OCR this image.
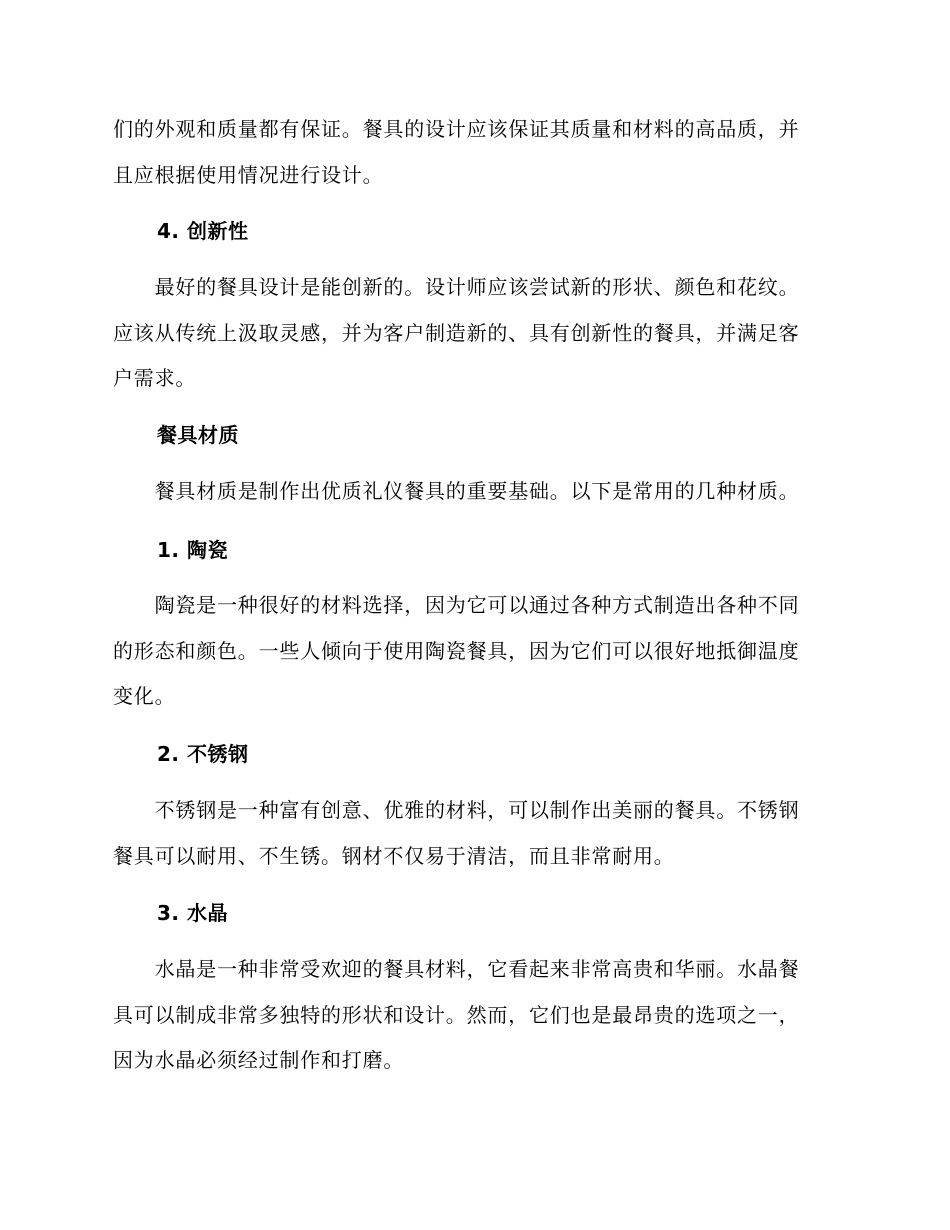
们的外观和质量都有保证。餐具的设计应该保证其质量和材料的高品质，并
且应根据使用情况进行设计。

4. 创新性

　　最好的餐具设计是能创新的。设计师应该尝试新的形状、颜色和花纹。
应该从传统上汲取灵感，并为客户制造新的、具有创新性的餐具，并满足客
户需求。

餐具材质

　　餐具材质是制作出优质礼仪餐具的重要基础。以下是常用的几种材质。

1. 陶瓷

　　陶瓷是一种很好的材料选择，因为它可以通过各种方式制造出各种不同
的形态和颜色。一些人倾向于使用陶瓷餐具，因为它们可以很好地抵御温度
变化。

2. 不锈钢

　　不锈钢是一种富有创意、优雅的材料，可以制作出美丽的餐具。不锈钢
餐具可以耐用、不生锈。钢材不仅易于清洁，而且非常耐用。

3. 水晶

　　水晶是一种非常受欢迎的餐具材料，它看起来非常高贵和华丽。水晶餐
具可以制成非常多独特的形状和设计。然而，它们也是最昂贵的选项之一，
因为水晶必须经过制作和打磨。
